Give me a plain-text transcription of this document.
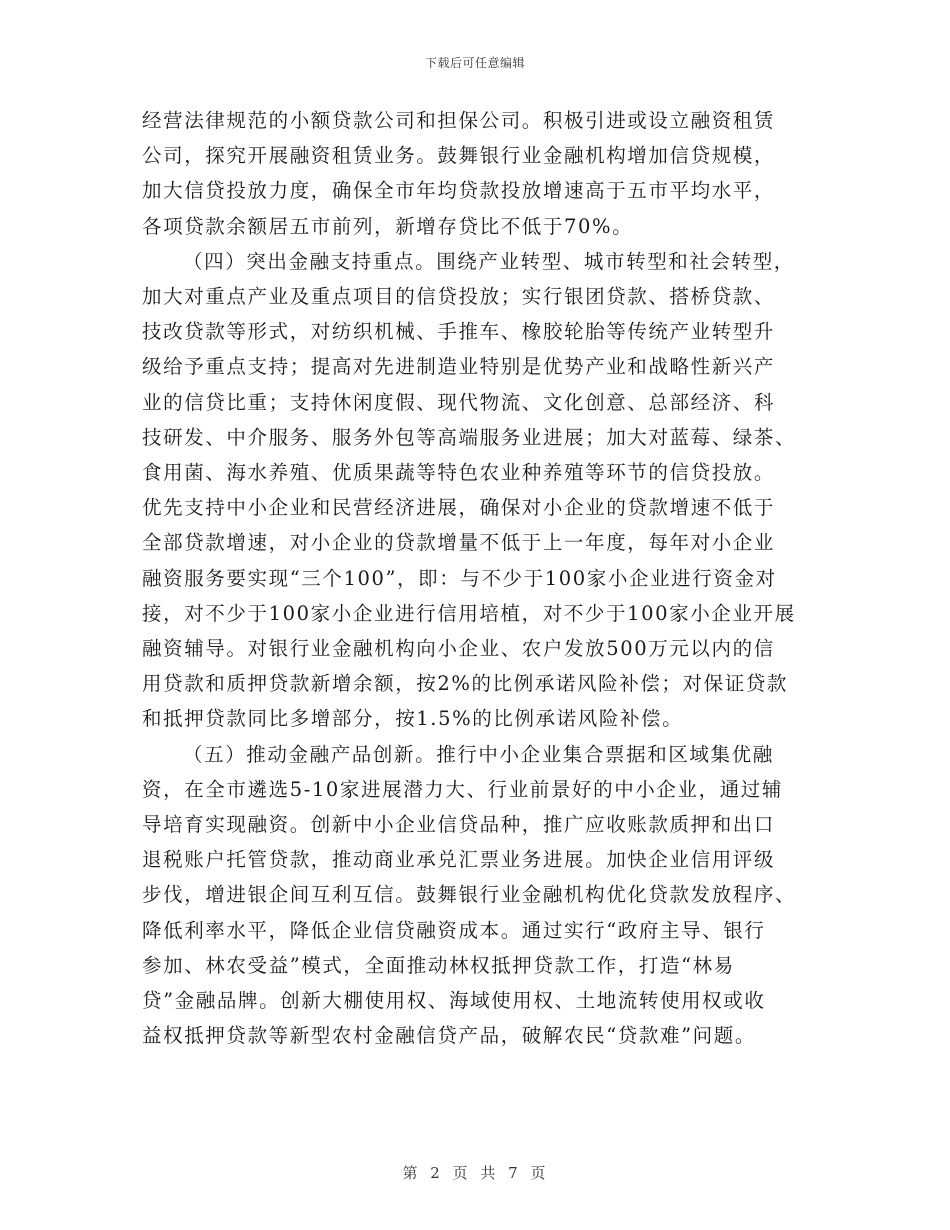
下载后可任意编辑
经营法律规范的小额贷款公司和担保公司。积极引进或设立融资租赁
公司，探究开展融资租赁业务。鼓舞银行业金融机构增加信贷规模，
加大信贷投放力度，确保全市年均贷款投放增速高于五市平均水平，
各项贷款余额居五市前列，新增存贷比不低于70%。
（四）突出金融支持重点。围绕产业转型、城市转型和社会转型，
加大对重点产业及重点项目的信贷投放；实行银团贷款、搭桥贷款、
技改贷款等形式，对纺织机械、手推车、橡胶轮胎等传统产业转型升
级给予重点支持；提高对先进制造业特别是优势产业和战略性新兴产
业的信贷比重；支持休闲度假、现代物流、文化创意、总部经济、科
技研发、中介服务、服务外包等高端服务业进展；加大对蓝莓、绿茶、
食用菌、海水养殖、优质果蔬等特色农业种养殖等环节的信贷投放。
优先支持中小企业和民营经济进展，确保对小企业的贷款增速不低于
全部贷款增速，对小企业的贷款增量不低于上一年度，每年对小企业
融资服务要实现“三个100”，即：与不少于100家小企业进行资金对
接，对不少于100家小企业进行信用培植，对不少于100家小企业开展
融资辅导。对银行业金融机构向小企业、农户发放500万元以内的信
用贷款和质押贷款新增余额，按2%的比例承诺风险补偿；对保证贷款
和抵押贷款同比多增部分，按1.5%的比例承诺风险补偿。
（五）推动金融产品创新。推行中小企业集合票据和区域集优融
资，在全市遴选5-10家进展潜力大、行业前景好的中小企业，通过辅
导培育实现融资。创新中小企业信贷品种，推广应收账款质押和出口
退税账户托管贷款，推动商业承兑汇票业务进展。加快企业信用评级
步伐，增进银企间互利互信。鼓舞银行业金融机构优化贷款发放程序、
降低利率水平，降低企业信贷融资成本。通过实行“政府主导、银行
参加、林农受益”模式，全面推动林权抵押贷款工作，打造“林易
贷”金融品牌。创新大棚使用权、海域使用权、土地流转使用权或收
益权抵押贷款等新型农村金融信贷产品，破解农民“贷款难”问题。
第 2 页 共 7 页
